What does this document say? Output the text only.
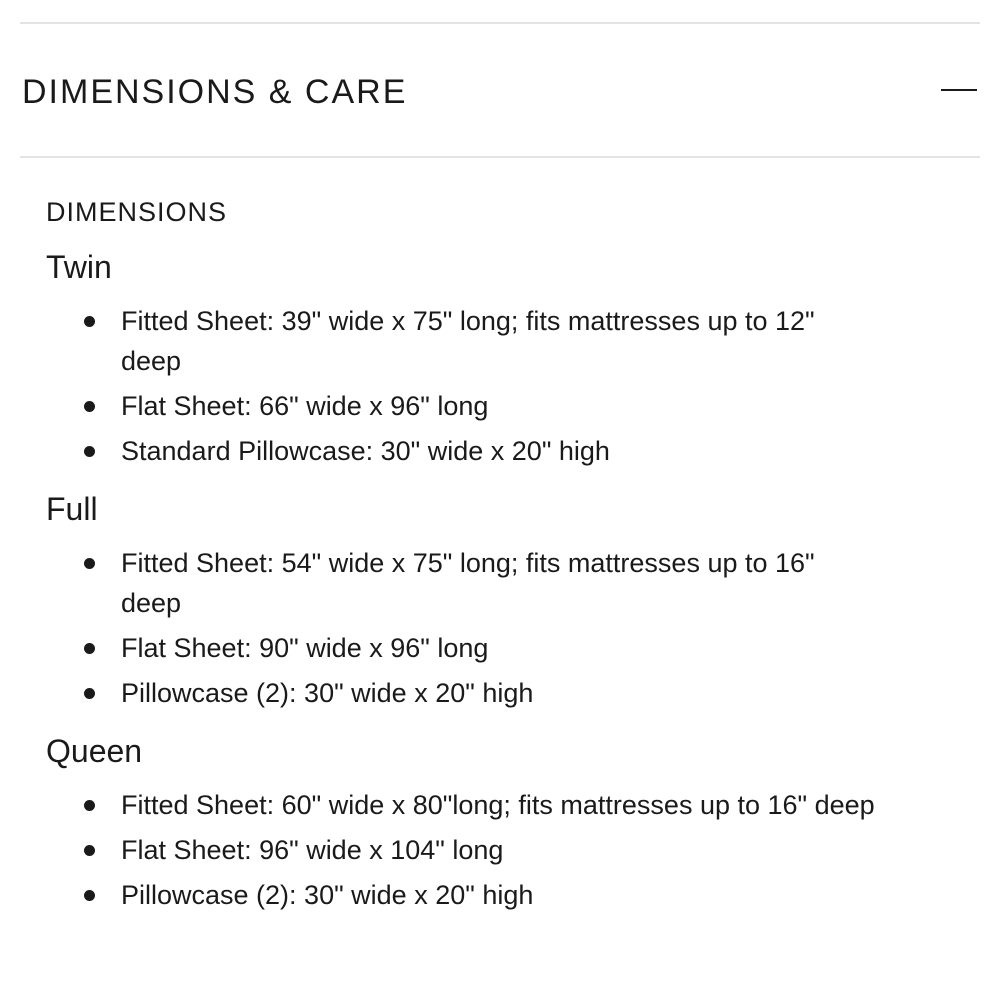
DIMENSIONS & CARE
DIMENSIONS
Twin
Fitted Sheet: 39" wide x 75" long; fits mattresses up to 12" deep
Flat Sheet: 66" wide x 96" long
Standard Pillowcase: 30" wide x 20" high
Full
Fitted Sheet: 54" wide x 75" long; fits mattresses up to 16" deep
Flat Sheet: 90" wide x 96" long
Pillowcase (2): 30" wide x 20" high
Queen
Fitted Sheet: 60" wide x 80"long; fits mattresses up to 16" deep
Flat Sheet: 96" wide x 104" long
Pillowcase (2): 30" wide x 20" high
